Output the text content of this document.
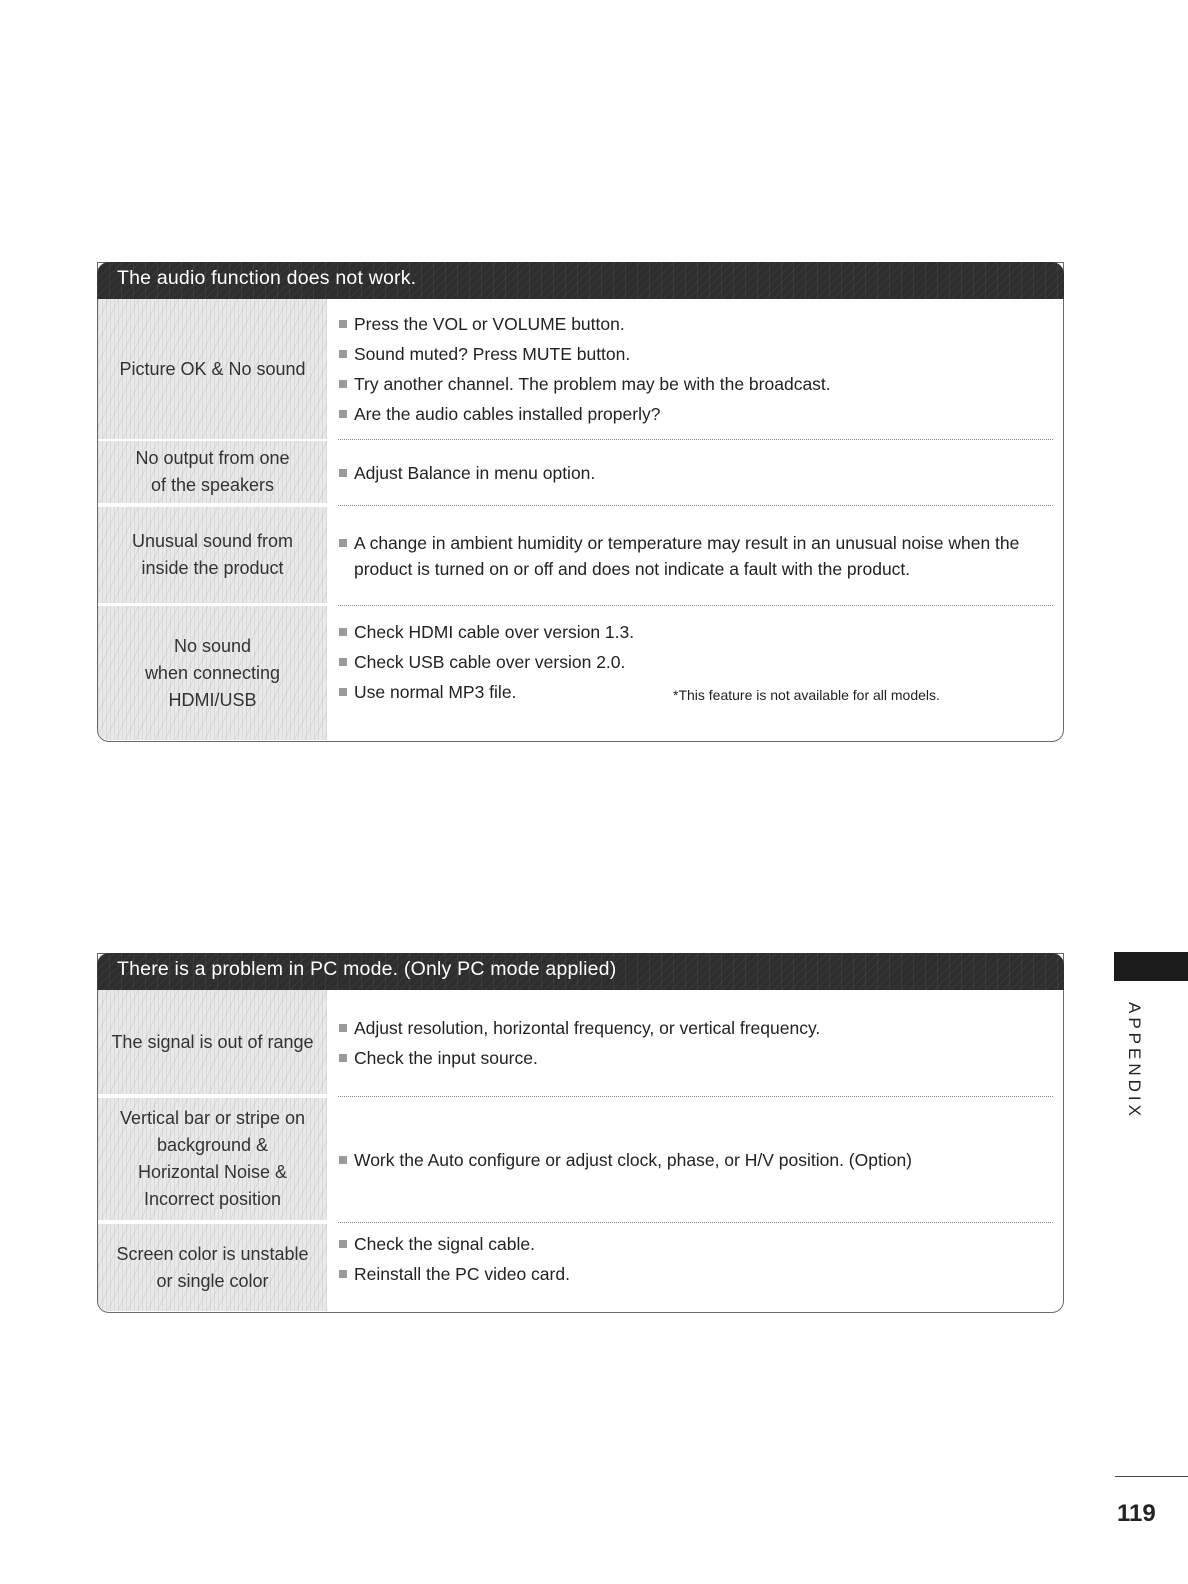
The audio function does not work.
Picture OK & No sound
Press the VOL or VOLUME button.
Sound muted? Press MUTE button.
Try another channel. The problem may be with the broadcast.
Are the audio cables installed properly?
No output from one
of the speakers
Adjust Balance in menu option.
Unusual sound from
inside the product
A change in ambient humidity or temperature may result in an unusual noise when the product is turned on or off and does not indicate a fault with the product.
No sound
when connecting
HDMI/USB
Check HDMI cable over version 1.3.
Check USB cable over version 2.0.
Use normal MP3 file.	*This feature is not available for all models.
There is a problem in PC mode. (Only PC mode applied)
The signal is out of range
Adjust resolution, horizontal frequency, or vertical frequency.
Check the input source.
Vertical bar or stripe on
background &
Horizontal Noise &
Incorrect position
Work the Auto configure or adjust clock, phase, or H/V position. (Option)
Screen color is unstable
or single color
Check the signal cable.
Reinstall the PC video card.
APPENDIX
119
